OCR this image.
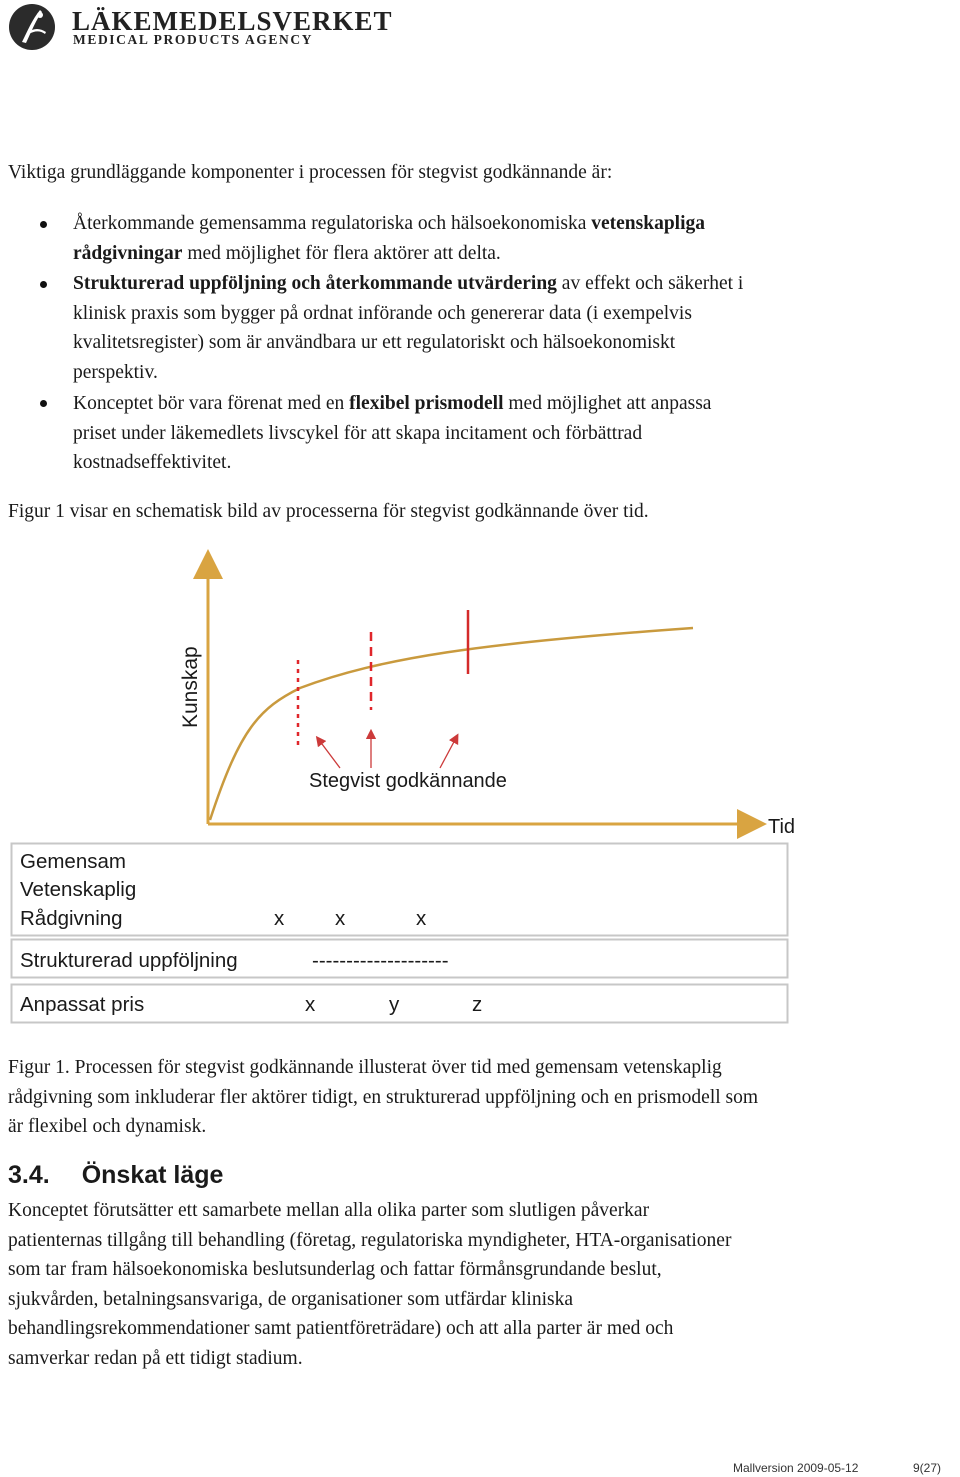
LÄKEMEDELSVERKET
MEDICAL PRODUCTS AGENCY
Viktiga grundläggande komponenter i processen för stegvist godkännande är:
Återkommande gemensamma regulatoriska och hälsoekonomiska vetenskapliga
rådgivningar med möjlighet för flera aktörer att delta.
Strukturerad uppföljning och återkommande utvärdering av effekt och säkerhet i
klinisk praxis som bygger på ordnat införande och genererar data (i exempelvis
kvalitetsregister) som är användbara ur ett regulatoriskt och hälsoekonomiskt
perspektiv.
Konceptet bör vara förenat med en flexibel prismodell med möjlighet att anpassa
priset under läkemedlets livscykel för att skapa incitament och förbättrad
kostnadseffektivitet.
Figur 1 visar en schematisk bild av processerna för stegvist godkännande över tid.
Kunskap
Stegvist godkännande
Tid
Gemensam
Vetenskaplig
Rådgivning	x x	x
Strukturerad uppföljning	--------------------
Anpassat pris	x	y	z
Figur 1. Processen för stegvist godkännande illusterat över tid med gemensam vetenskaplig
rådgivning som inkluderar fler aktörer tidigt, en strukturerad uppföljning och en prismodell som
är flexibel och dynamisk.
3.4. Önskat läge
Konceptet förutsätter ett samarbete mellan alla olika parter som slutligen påverkar
patienternas tillgång till behandling (företag, regulatoriska myndigheter, HTA-organisationer
som tar fram hälsoekonomiska beslutsunderlag och fattar förmånsgrundande beslut,
sjukvården, betalningsansvariga, de organisationer som utfärdar kliniska
behandlingsrekommendationer samt patientföreträdare) och att alla parter är med och
samverkar redan på ett tidigt stadium.
Mallversion 2009-05-12	9(27)
